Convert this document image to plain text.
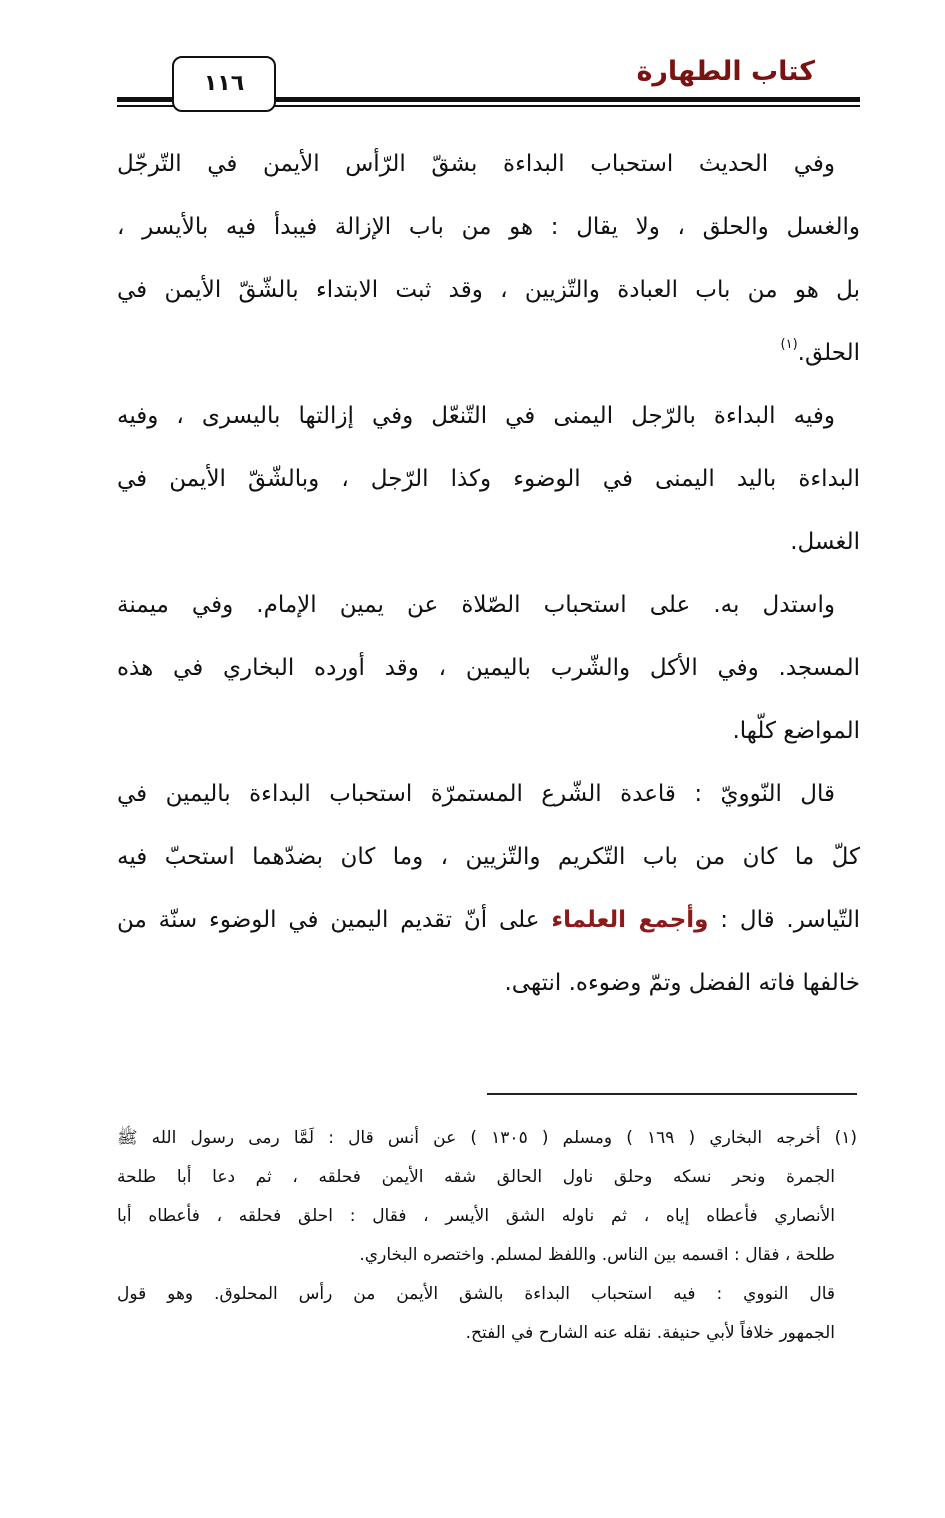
كتاب الطهارة
١١٦
وفي الحديث استحباب البداءة بشقّ الرّأس الأيمن في التّرجّل
والغسل والحلق ، ولا يقال : هو من باب الإزالة فيبدأ فيه بالأيسر ،
بل هو من باب العبادة والتّزيين ، وقد ثبت الابتداء بالشّقّ الأيمن في
الحلق.$^{(١)}$
وفيه البداءة بالرّجل اليمنى في التّنعّل وفي إزالتها باليسرى ، وفيه
البداءة باليد اليمنى في الوضوء وكذا الرّجل ، وبالشّقّ الأيمن في
الغسل.
واستدل به. على استحباب الصّلاة عن يمين الإمام. وفي ميمنة
المسجد. وفي الأكل والشّرب باليمين ، وقد أورده البخاري في هذه
المواضع كلّها.
قال النّوويّ : قاعدة الشّرع المستمرّة استحباب البداءة باليمين في
كلّ ما كان من باب التّكريم والتّزيين ، وما كان بضدّهما استحبّ فيه
التّياسر. قال : وأجمع العلماء على أنّ تقديم اليمين في الوضوء سنّة من
خالفها فاته الفضل وتمّ وضوءه. انتهى.
(١) أخرجه البخاري ( ١٦٩ ) ومسلم ( ١٣٠٥ ) عن أنس قال : لَمَّا رمى رسول الله ﷺ
الجمرة ونحر نسكه وحلق ناول الحالق شقه الأيمن فحلقه ، ثم دعا أبا طلحة
الأنصاري فأعطاه إياه ، ثم ناوله الشق الأيسر ، فقال : احلق فحلقه ، فأعطاه أبا
طلحة ، فقال : اقسمه بين الناس. واللفظ لمسلم. واختصره البخاري.
قال النووي : فيه استحباب البداءة بالشق الأيمن من رأس المحلوق. وهو قول
الجمهور خلافاً لأبي حنيفة. نقله عنه الشارح في الفتح.
